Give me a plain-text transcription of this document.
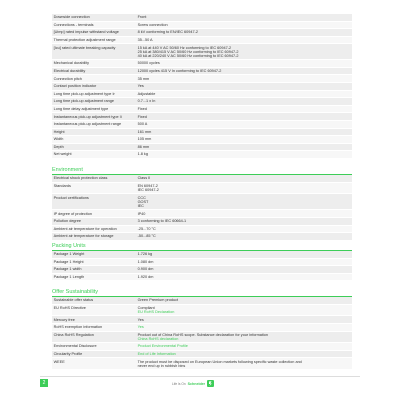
Downside connection	Front
Connections - terminals	Screw connection
[Uimp] rated impulse withstand voltage	8 kV conforming to EN/IEC 60947-2
Thermal protection adjustment range	35...50 A
[Icu] rated ultimate breaking capacity	15 kA at 440 V AC 50/60 Hz conforming to IEC 60947-2
25 kA at 380/415 V AC 50/60 Hz conforming to IEC 60947-2
40 kA at 220/240 V AC 50/60 Hz conforming to IEC 60947-2
Mechanical durability	50000 cycles
Electrical durability	12000 cycles 415 V In conforming to IEC 60947-2
Connection pitch	35 mm
Contact position indicator	Yes
Long time pick-up adjustment type Ir	Adjustable
Long time pick-up adjustment range	0.7...1 x In
Long time delay adjustment type	Fixed
Instantaneous pick-up adjustment type Ii	Fixed
Instantaneous pick-up adjustment range	500 A
Height	161 mm
Width	105 mm
Depth	86 mm
Net weight	1.8 kg
Environment
Electrical shock protection class	Class II
Standards	EN 60947-2
IEC 60947-2
Product certifications	CCC
GOST
IEC
IP degree of protection	IP40
Pollution degree	3 conforming to IEC 60664-1
Ambient air temperature for operation	-25...70 °C
Ambient air temperature for storage	-50...85 °C
Packing Units
Package 1 Weight	1.726 kg
Package 1 Height	1.080 dm
Package 1 width	0.900 dm
Package 1 Length	1.920 dm
Offer Sustainability
Sustainable offer status	Green Premium product
EU RoHS Directive	Compliant
EU RoHS Declaration
Mercury free	Yes
RoHS exemption information	Yes
China RoHS Regulation	Product out of China RoHS scope. Substance declaration for your information
China RoHS declaration
Environmental Disclosure	Product Environmental Profile
Circularity Profile	End of Life Information
WEEE	The product must be disposed on European Union markets following specific waste collection and
never end up in rubbish bins
2	Life Is On Schneider
